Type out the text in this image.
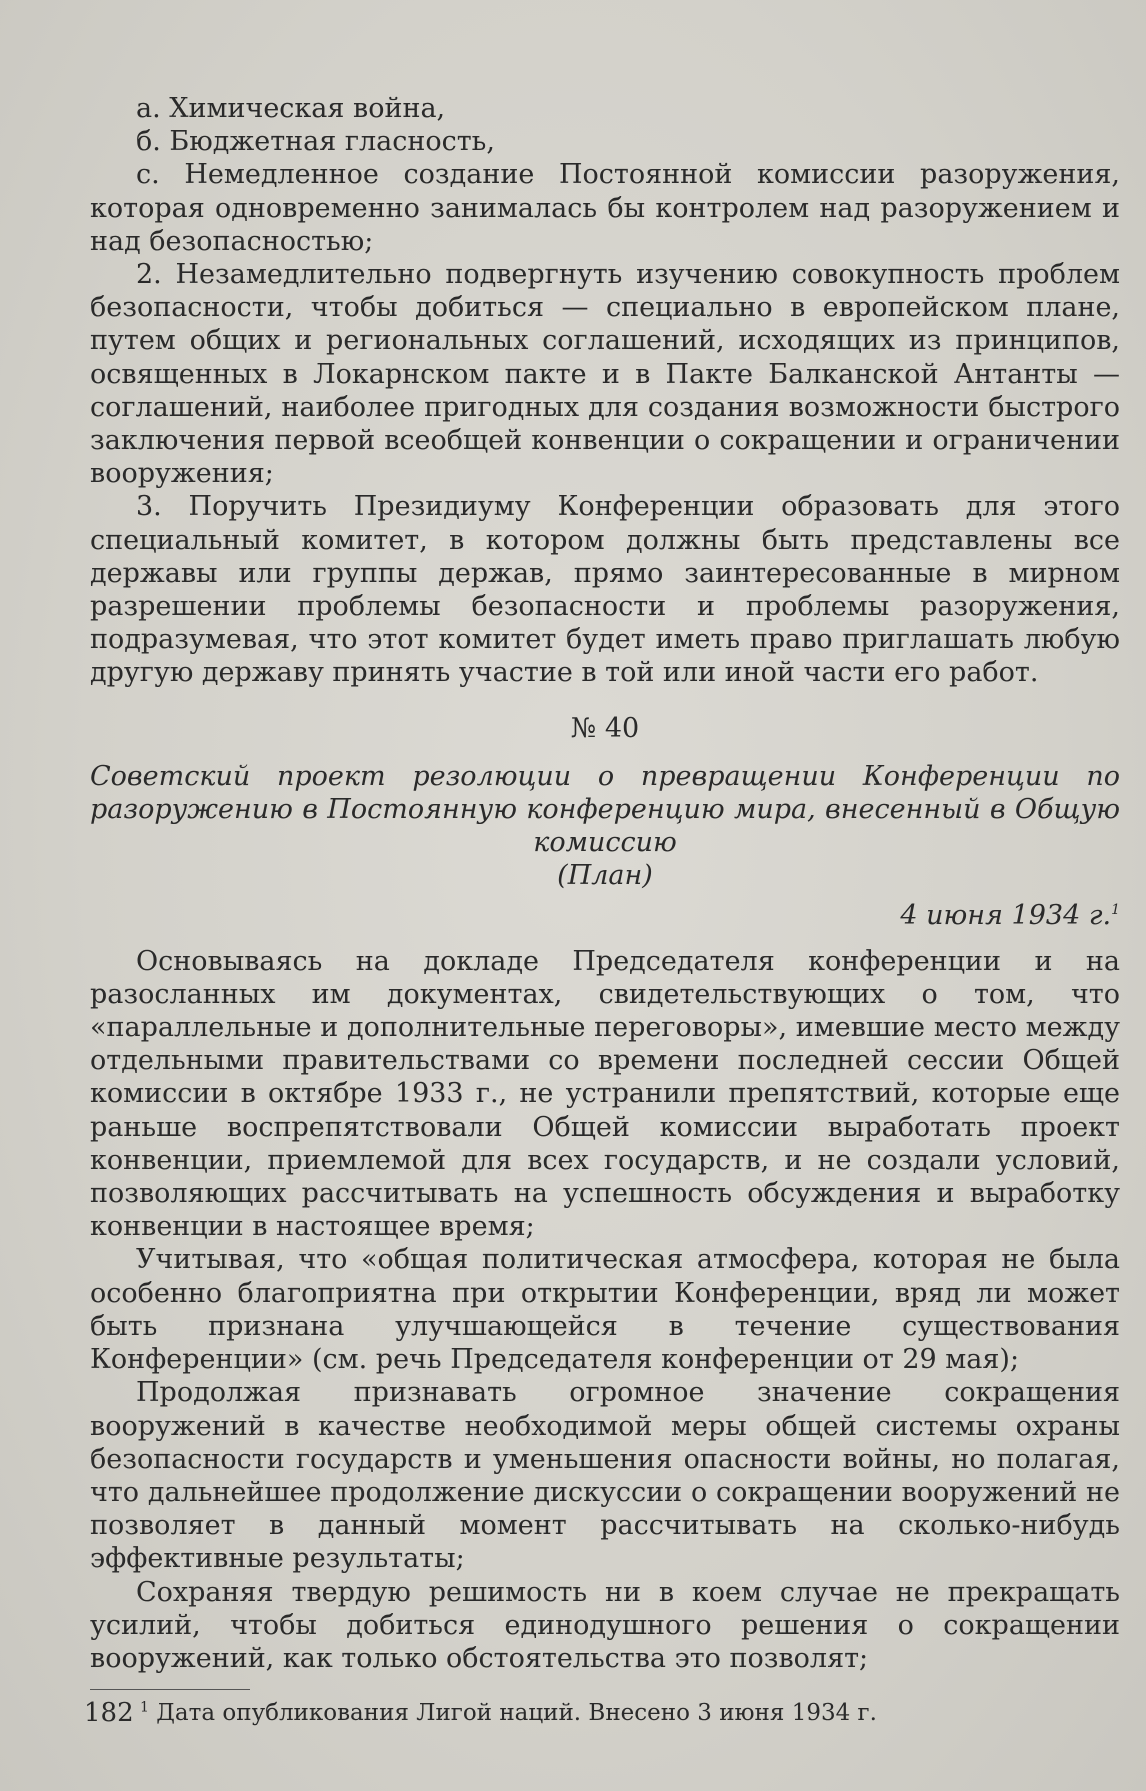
а. Химическая война,

б. Бюджетная гласность,

с. Немедленное создание Постоянной комиссии разоружения, которая одновременно занималась бы контролем над разоружением и над безопасностью;

2. Незамедлительно подвергнуть изучению совокупность проблем безопасности, чтобы добиться — специально в европейском плане, путем общих и региональных соглашений, исходящих из принципов, освященных в Локарнском пакте и в Пакте Балканской Антанты — соглашений, наиболее пригодных для создания возможности быстрого заключения первой всеобщей конвенции о сокращении и ограничении вооружения;

3. Поручить Президиуму Конференции образовать для этого специальный комитет, в котором должны быть представлены все державы или группы держав, прямо заинтересованные в мирном разрешении проблемы безопасности и проблемы разоружения, подразумевая, что этот комитет будет иметь право приглашать любую другую державу принять участие в той или иной части его работ.

№ 40

Советский проект резолюции о превращении Конференции по разоружению в Постоянную конференцию мира, внесенный в Общую комиссию

(План)

4 июня 1934 г.$^1$

Основываясь на докладе Председателя конференции и на разосланных им документах, свидетельствующих о том, что «параллельные и дополнительные переговоры», имевшие место между отдельными правительствами со времени последней сессии Общей комиссии в октябре 1933 г., не устранили препятствий, которые еще раньше воспрепятствовали Общей комиссии выработать проект конвенции, приемлемой для всех государств, и не создали условий, позволяющих рассчитывать на успешность обсуждения и выработку конвенции в настоящее время;

Учитывая, что «общая политическая атмосфера, которая не была особенно благоприятна при открытии Конференции, вряд ли может быть признана улучшающейся в течение существования Конференции» (см. речь Председателя конференции от 29 мая);

Продолжая признавать огромное значение сокращения вооружений в качестве необходимой меры общей системы охраны безопасности государств и уменьшения опасности войны, но полагая, что дальнейшее продолжение дискуссии о сокращении вооружений не позволяет в данный момент рассчитывать на сколько-нибудь эффективные результаты;

Сохраняя твердую решимость ни в коем случае не прекращать усилий, чтобы добиться единодушного решения о сокращении вооружений, как только обстоятельства это позволят;

$^1$ Дата опубликования Лигой наций. Внесено 3 июня 1934 г.

182
